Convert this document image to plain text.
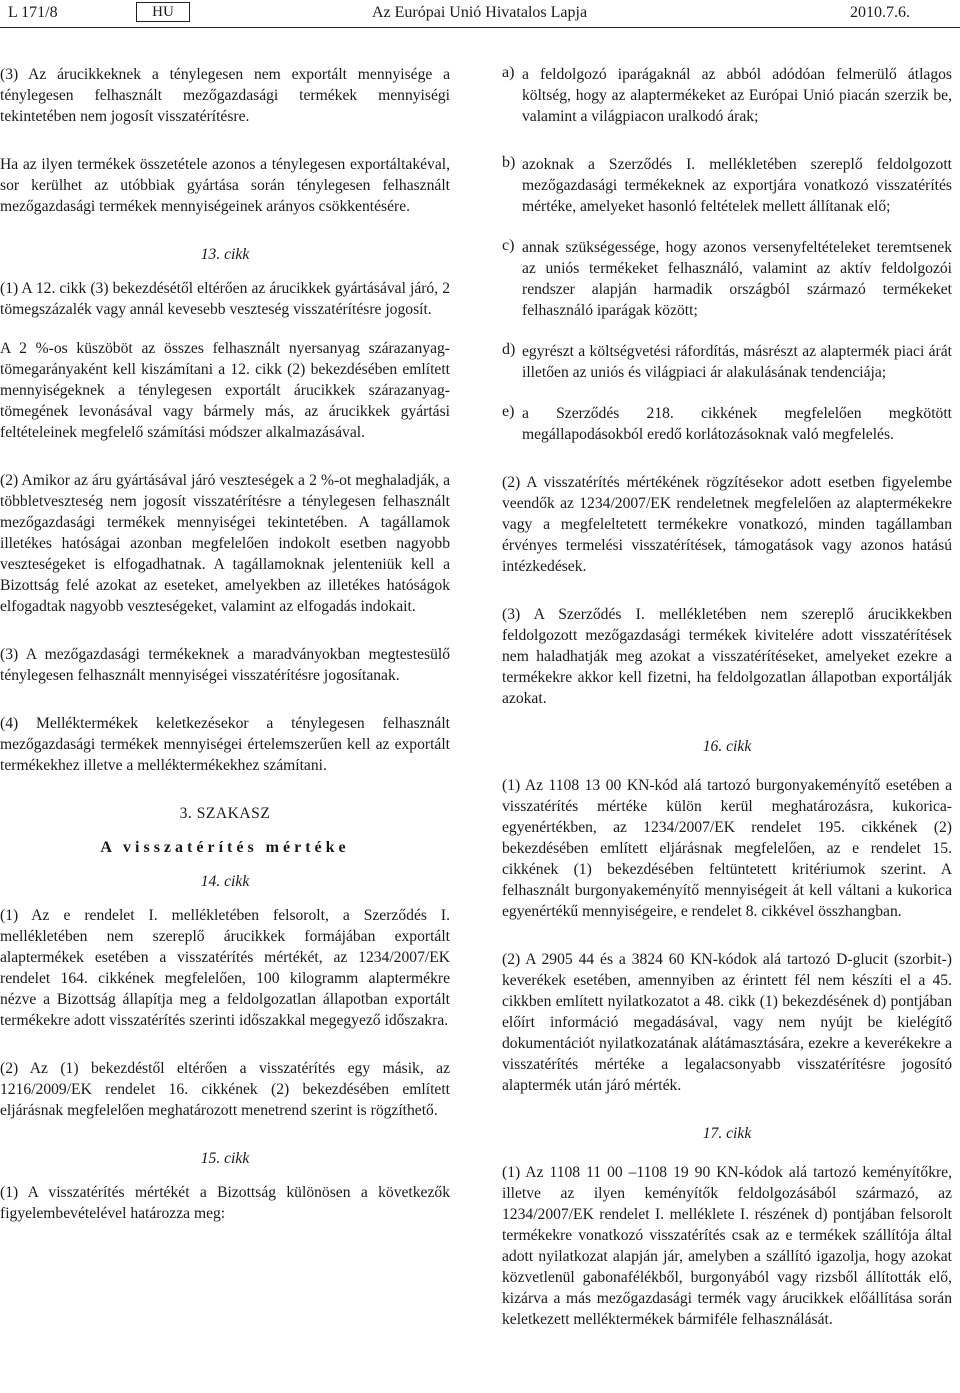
L 171/8	HU	Az Európai Unió Hivatalos Lapja	2010.7.6.

(3) Az árucikkeknek a ténylegesen nem exportált mennyisége a ténylegesen felhasznált mezőgazdasági termékek mennyiségi tekintetében nem jogosít visszatérítésre.

Ha az ilyen termékek összetétele azonos a ténylegesen exportáltakéval, sor kerülhet az utóbbiak gyártása során ténylegesen felhasznált mezőgazdasági termékek mennyiségeinek arányos csökkentésére.

13. cikk

(1) A 12. cikk (3) bekezdésétől eltérően az árucikkek gyártásával járó, 2 tömegszázalék vagy annál kevesebb veszteség visszatérítésre jogosít.

A 2 %-os küszöböt az összes felhasznált nyersanyag szárazanyag-tömegarányaként kell kiszámítani a 12. cikk (2) bekezdésében említett mennyiségeknek a ténylegesen exportált árucikkek szárazanyag-tömegének levonásával vagy bármely más, az árucikkek gyártási feltételeinek megfelelő számítási módszer alkalmazásával.

(2) Amikor az áru gyártásával járó veszteségek a 2 %-ot meghaladják, a többletveszteség nem jogosít visszatérítésre a ténylegesen felhasznált mezőgazdasági termékek mennyiségei tekintetében. A tagállamok illetékes hatóságai azonban megfelelően indokolt esetben nagyobb veszteségeket is elfogadhatnak. A tagállamoknak jelenteniük kell a Bizottság felé azokat az eseteket, amelyekben az illetékes hatóságok elfogadtak nagyobb veszteségeket, valamint az elfogadás indokait.

(3) A mezőgazdasági termékeknek a maradványokban megtestesülő ténylegesen felhasznált mennyiségei visszatérítésre jogosítanak.

(4) Melléktermékek keletkezésekor a ténylegesen felhasznált mezőgazdasági termékek mennyiségei értelemszerűen kell az exportált termékekhez illetve a melléktermékekhez számítani.

3. SZAKASZ
A visszatérítés mértéke
14. cikk

(1) Az e rendelet I. mellékletében felsorolt, a Szerződés I. mellékletében nem szereplő árucikkek formájában exportált alaptermékek esetében a visszatérítés mértékét, az 1234/2007/EK rendelet 164. cikkének megfelelően, 100 kilogramm alaptermékre nézve a Bizottság állapítja meg a feldolgozatlan állapotban exportált termékekre adott visszatérítés szerinti időszakkal megegyező időszakra.

(2) Az (1) bekezdéstől eltérően a visszatérítés egy másik, az 1216/2009/EK rendelet 16. cikkének (2) bekezdésében említett eljárásnak megfelelően meghatározott menetrend szerint is rögzíthető.

15. cikk

(1) A visszatérítés mértékét a Bizottság különösen a következők figyelembevételével határozza meg:

a) a feldolgozó iparágaknál az abból adódóan felmerülő átlagos költség, hogy az alaptermékeket az Európai Unió piacán szerzik be, valamint a világpiacon uralkodó árak;

b) azoknak a Szerződés I. mellékletében szereplő feldolgozott mezőgazdasági termékeknek az exportjára vonatkozó visszatérítés mértéke, amelyeket hasonló feltételek mellett állítanak elő;

c) annak szükségessége, hogy azonos versenyfeltételeket teremtsenek az uniós termékeket felhasználó, valamint az aktív feldolgozói rendszer alapján harmadik országból származó termékeket felhasználó iparágak között;

d) egyrészt a költségvetési ráfordítás, másrészt az alaptermék piaci árát illetően az uniós és világpiaci ár alakulásának tendenciája;

e) a Szerződés 218. cikkének megfelelően megkötött megállapodásokból eredő korlátozásoknak való megfelelés.

(2) A visszatérítés mértékének rögzítésekor adott esetben figyelembe veendők az 1234/2007/EK rendeletnek megfelelően az alaptermékekre vagy a megfeleltetett termékekre vonatkozó, minden tagállamban érvényes termelési visszatérítések, támogatások vagy azonos hatású intézkedések.

(3) A Szerződés I. mellékletében nem szereplő árucikkekben feldolgozott mezőgazdasági termékek kivitelére adott visszatérítések nem haladhatják meg azokat a visszatérítéseket, amelyeket ezekre a termékekre akkor kell fizetni, ha feldolgozatlan állapotban exportálják azokat.

16. cikk

(1) Az 1108 13 00 KN-kód alá tartozó burgonyakeményítő esetében a visszatérítés mértéke külön kerül meghatározásra, kukorica-egyenértékben, az 1234/2007/EK rendelet 195. cikkének (2) bekezdésében említett eljárásnak megfelelően, az e rendelet 15. cikkének (1) bekezdésében feltüntetett kritériumok szerint. A felhasznált burgonyakeményítő mennyiségeit át kell váltani a kukorica egyenértékű mennyiségeire, e rendelet 8. cikkével összhangban.

(2) A 2905 44 és a 3824 60 KN-kódok alá tartozó D-glucit (szorbit-) keverékek esetében, amennyiben az érintett fél nem készíti el a 45. cikkben említett nyilatkozatot a 48. cikk (1) bekezdésének d) pontjában előírt információ megadásával, vagy nem nyújt be kielégítő dokumentációt nyilatkozatának alátámasztására, ezekre a keverékekre a visszatérítés mértéke a legalacsonyabb visszatérítésre jogosító alaptermék után járó mérték.

17. cikk

(1) Az 1108 11 00 –1108 19 90 KN-kódok alá tartozó keményítőkre, illetve az ilyen keményítők feldolgozásából származó, az 1234/2007/EK rendelet I. melléklete I. részének d) pontjában felsorolt termékekre vonatkozó visszatérítés csak az e termékek szállítója által adott nyilatkozat alapján jár, amelyben a szállító igazolja, hogy azokat közvetlenül gabonafélékből, burgonyából vagy rizsből állították elő, kizárva a más mezőgazdasági termék vagy árucikkek előállítása során keletkezett melléktermékek bármiféle felhasználását.
